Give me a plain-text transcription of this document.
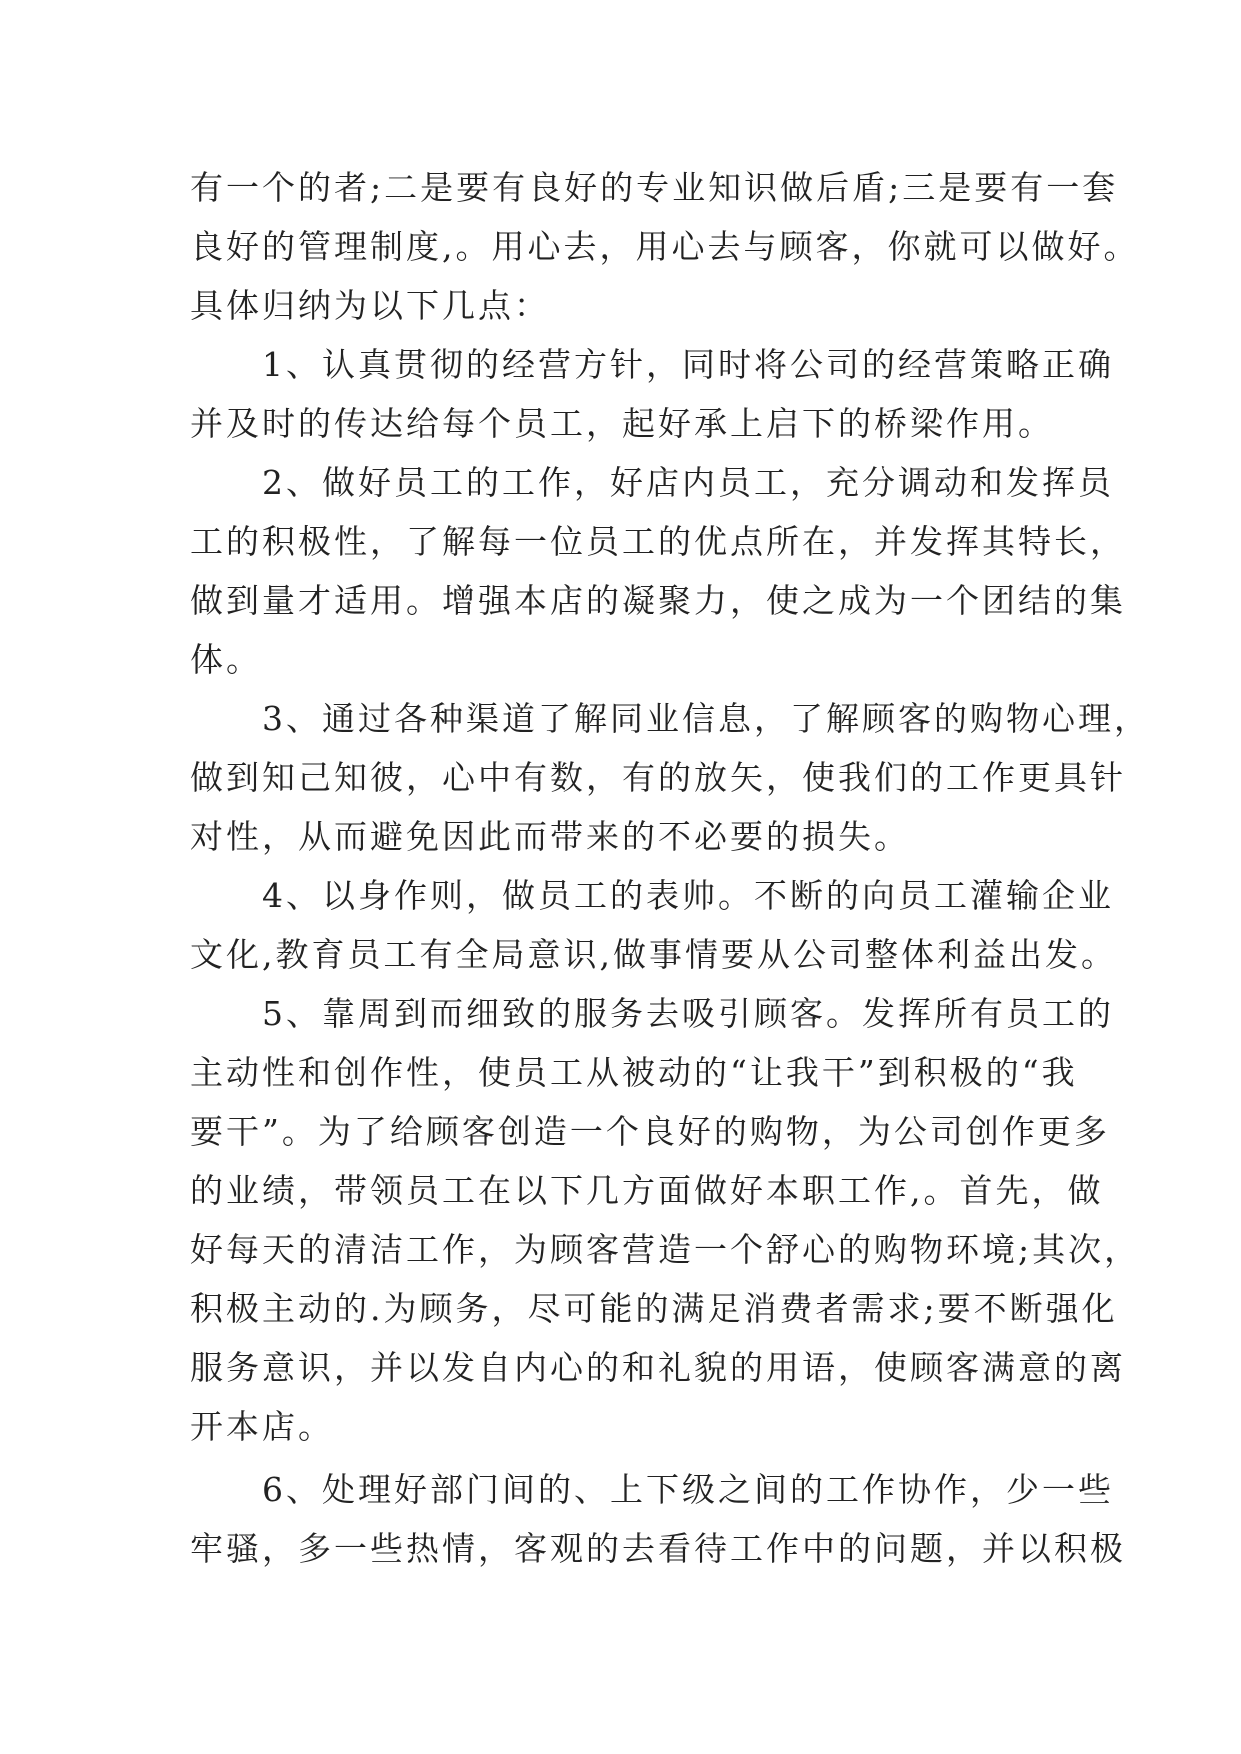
有一个的者;二是要有良好的专业知识做后盾;三是要有一套
良好的管理制度,。用心去，用心去与顾客，你就可以做好。
具体归纳为以下几点：
　　1、认真贯彻的经营方针，同时将公司的经营策略正确
并及时的传达给每个员工，起好承上启下的桥梁作用。
　　2、做好员工的工作，好店内员工，充分调动和发挥员
工的积极性，了解每一位员工的优点所在，并发挥其特长，
做到量才适用。增强本店的凝聚力，使之成为一个团结的集
体。
　　3、通过各种渠道了解同业信息，了解顾客的购物心理，
做到知己知彼，心中有数，有的放矢，使我们的工作更具针
对性，从而避免因此而带来的不必要的损失。
　　4、以身作则，做员工的表帅。不断的向员工灌输企业
文化,教育员工有全局意识,做事情要从公司整体利益出发。
　　5、靠周到而细致的服务去吸引顾客。发挥所有员工的
主动性和创作性，使员工从被动的“让我干”到积极的“我
要干”。为了给顾客创造一个良好的购物，为公司创作更多
的业绩，带领员工在以下几方面做好本职工作,。首先，做
好每天的清洁工作，为顾客营造一个舒心的购物环境;其次，
积极主动的.为顾务，尽可能的满足消费者需求;要不断强化
服务意识，并以发自内心的和礼貌的用语，使顾客满意的离
开本店。
　　6、处理好部门间的、上下级之间的工作协作，少一些
牢骚，多一些热情，客观的去看待工作中的问题，并以积极
